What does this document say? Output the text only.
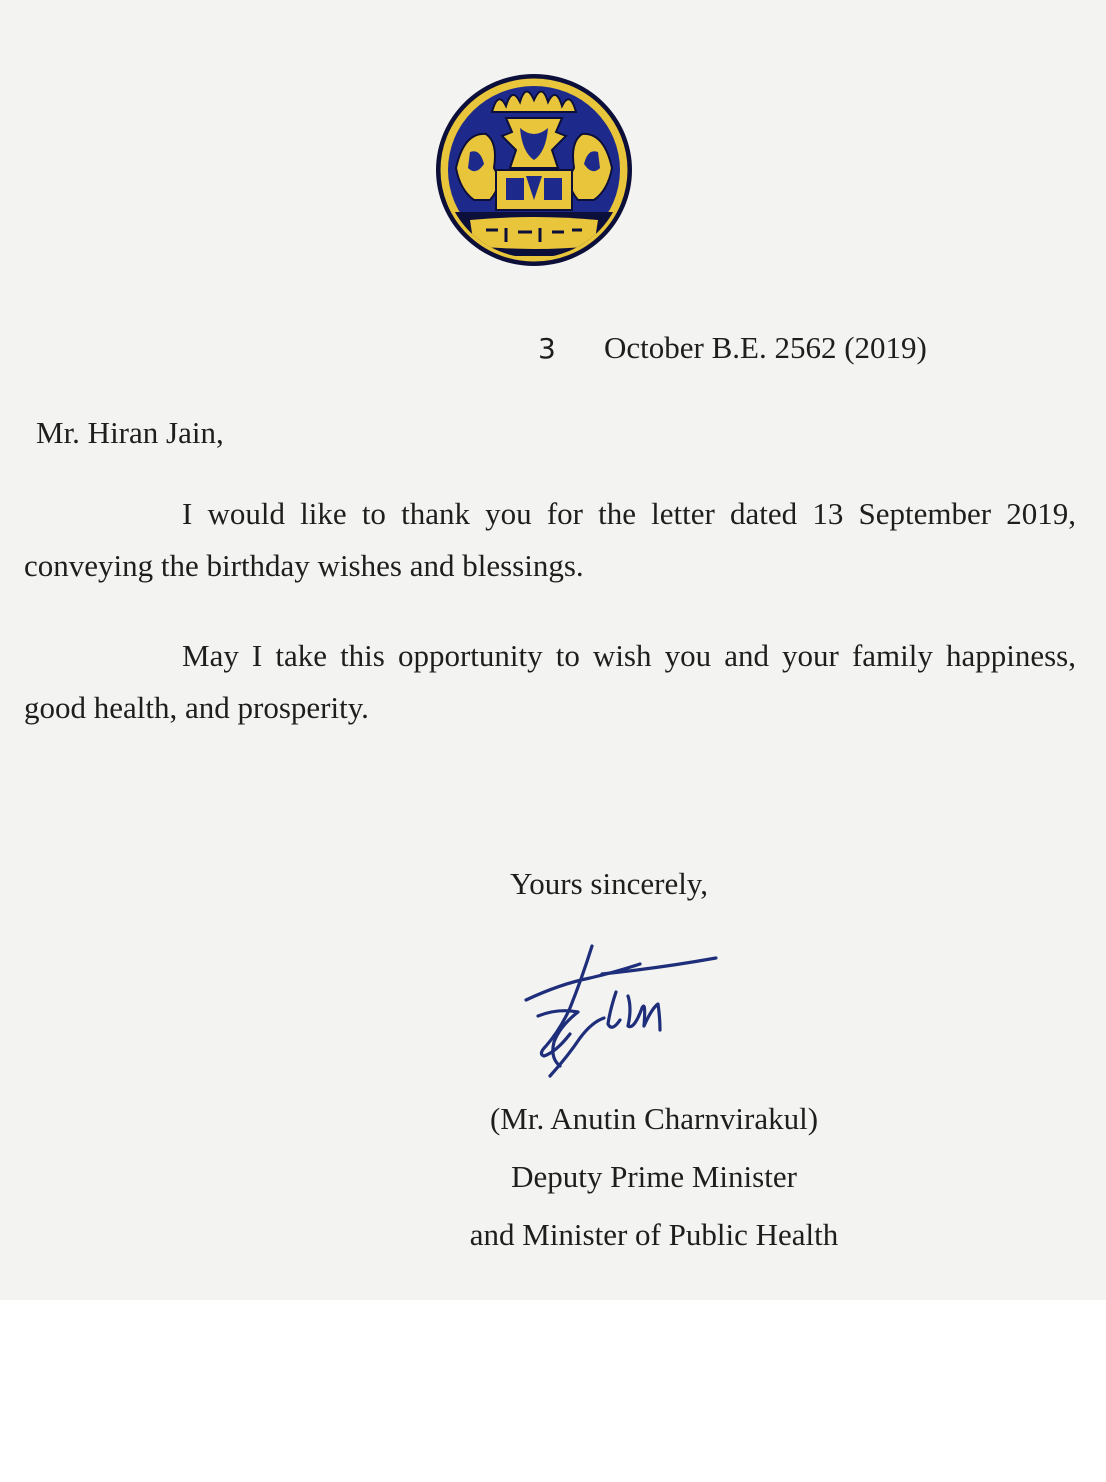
3 October B.E. 2562 (2019)
Mr. Hiran Jain,

I would like to thank you for the letter dated 13 September 2019, conveying the birthday wishes and blessings.

May I take this opportunity to wish you and your family happiness, good health, and prosperity.

Yours sincerely,
(Mr. Anutin Charnvirakul)
Deputy Prime Minister
and Minister of Public Health
